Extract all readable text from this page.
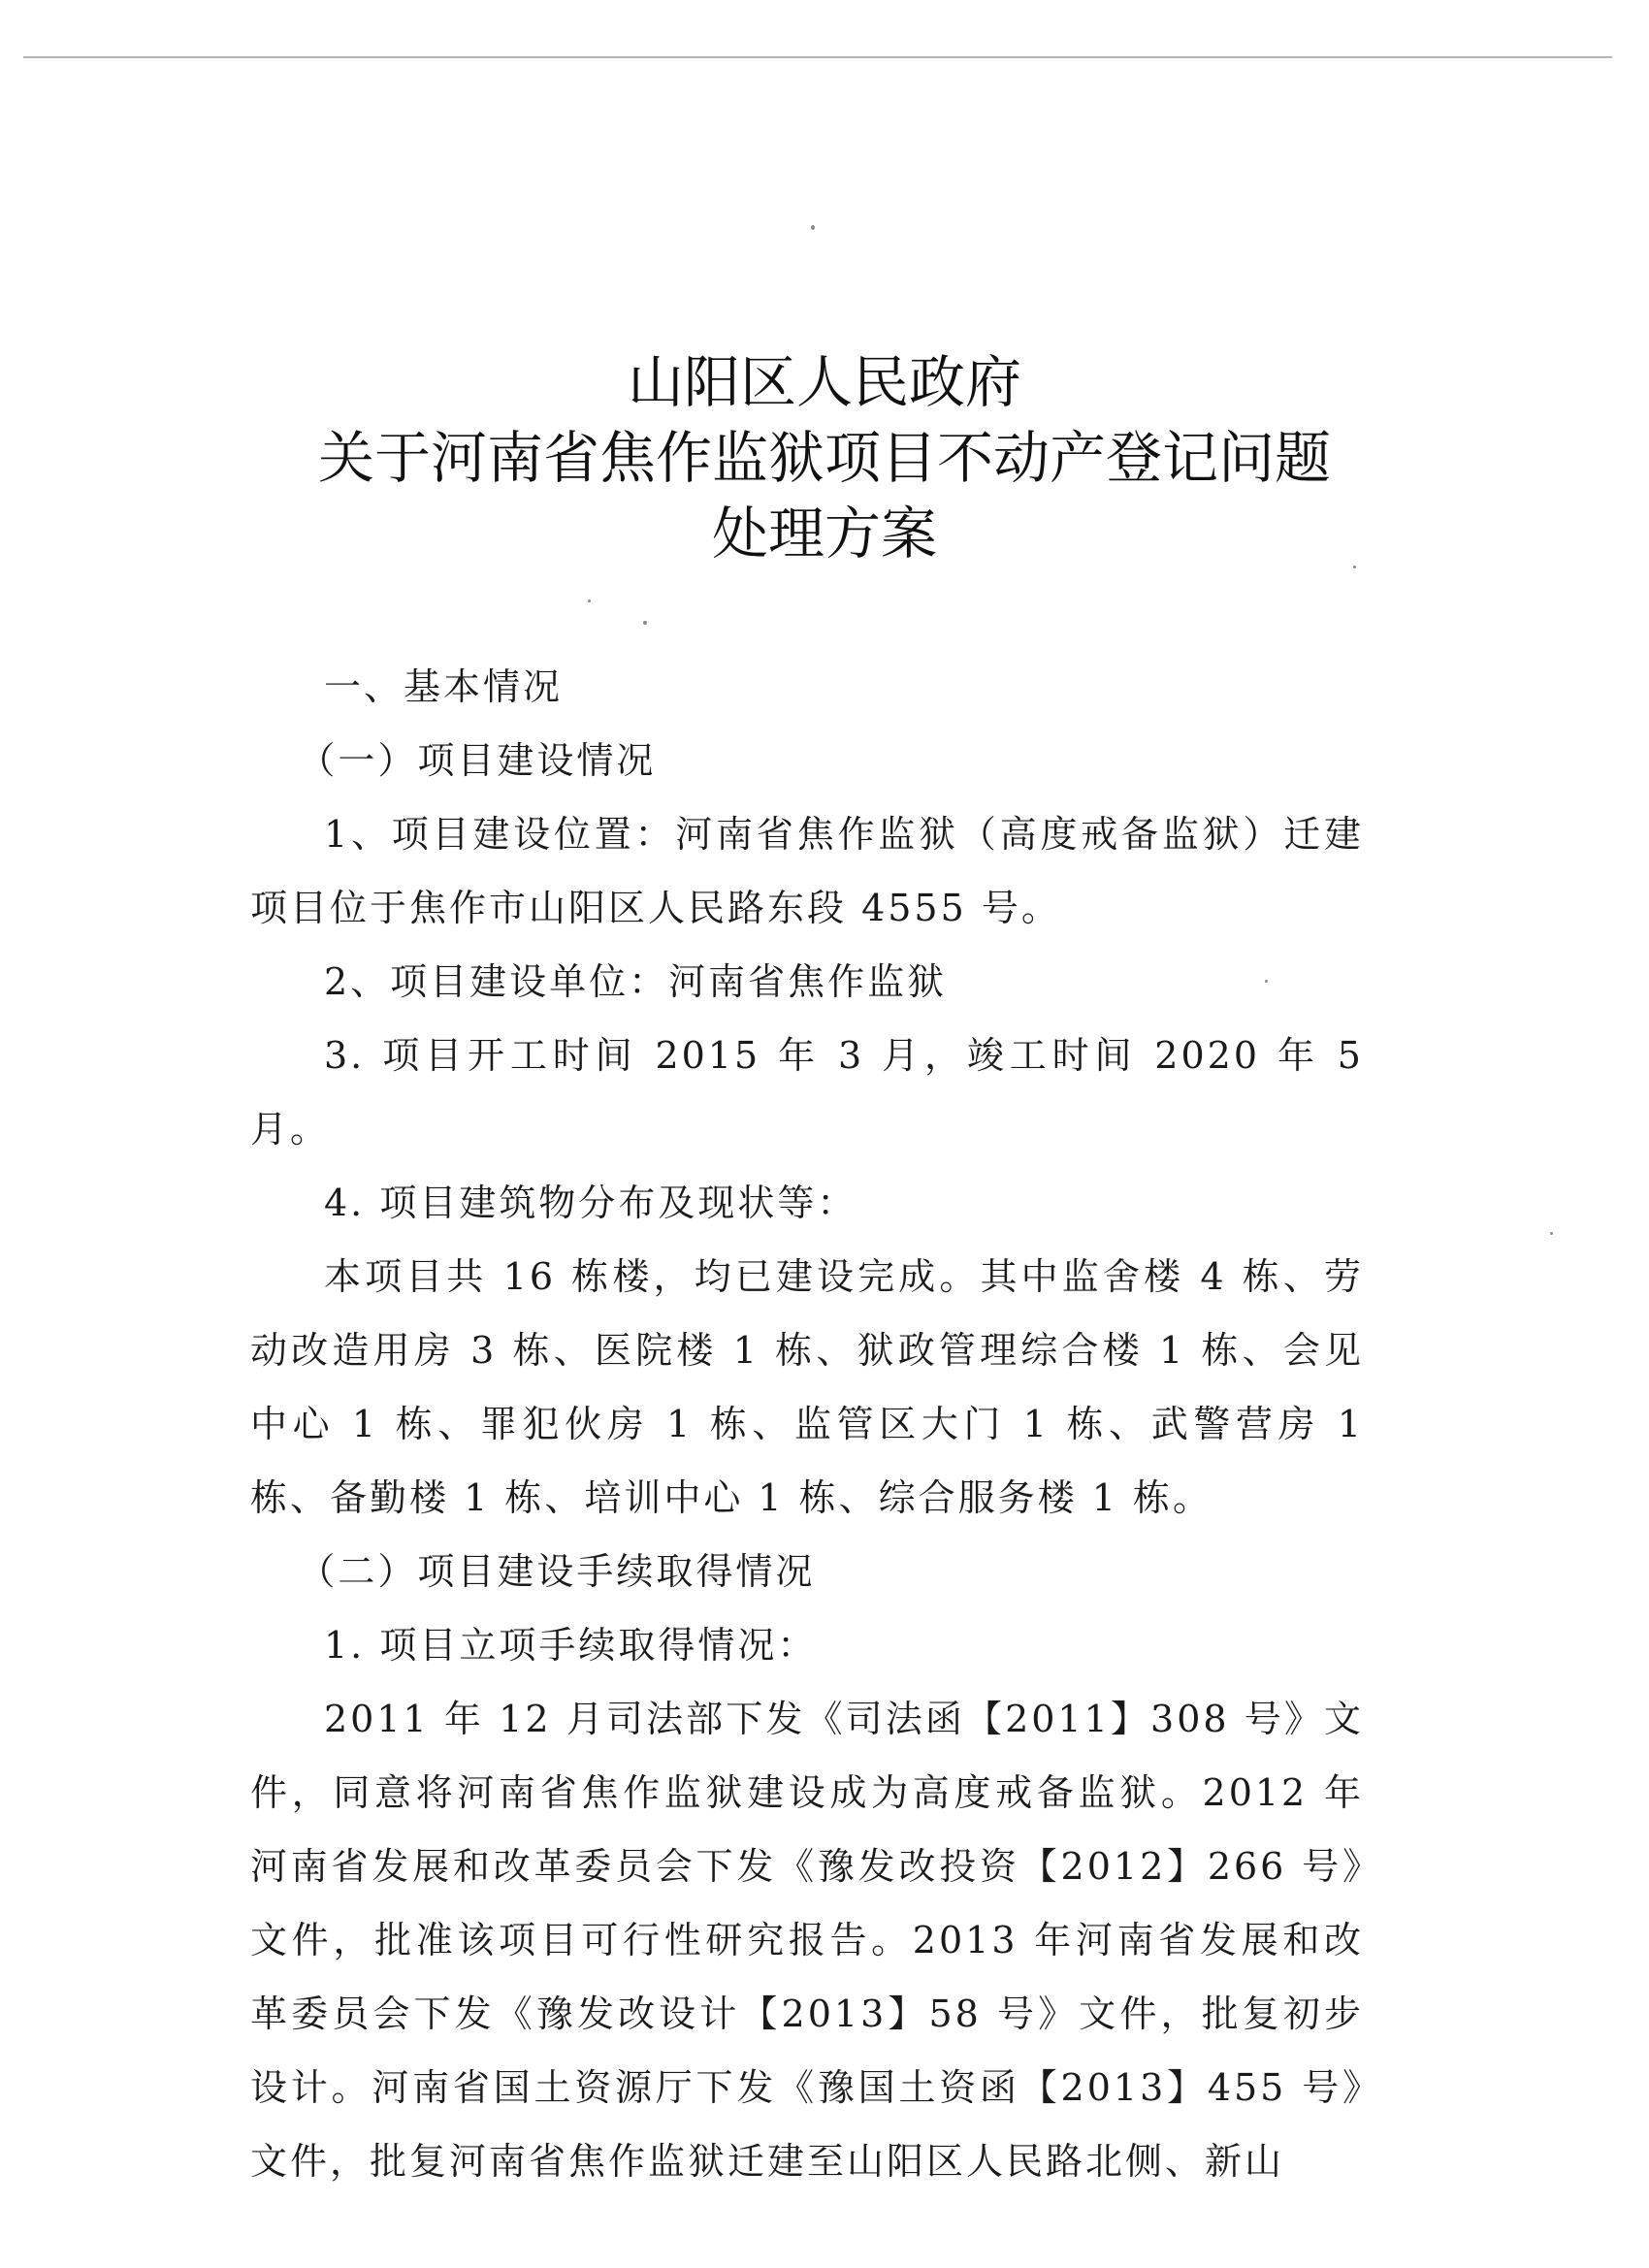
山阳区人民政府
关于河南省焦作监狱项目不动产登记问题
处理方案

一、基本情况

（一）项目建设情况

1、项目建设位置：河南省焦作监狱（高度戒备监狱）迁建项目位于焦作市山阳区人民路东段 4555 号。

2、项目建设单位：河南省焦作监狱

3. 项目开工时间 2015 年 3 月，竣工时间 2020 年 5 月。

4. 项目建筑物分布及现状等：

本项目共 16 栋楼，均已建设完成。其中监舍楼 4 栋、劳动改造用房 3 栋、医院楼 1 栋、狱政管理综合楼 1 栋、会见中心 1 栋、罪犯伙房 1 栋、监管区大门 1 栋、武警营房 1 栋、备勤楼 1 栋、培训中心 1 栋、综合服务楼 1 栋。

（二）项目建设手续取得情况

1. 项目立项手续取得情况：

2011 年 12 月司法部下发《司法函【2011】308 号》文件，同意将河南省焦作监狱建设成为高度戒备监狱。2012 年河南省发展和改革委员会下发《豫发改投资【2012】266 号》文件，批准该项目可行性研究报告。2013 年河南省发展和改革委员会下发《豫发改设计【2013】58 号》文件，批复初步设计。河南省国土资源厅下发《豫国土资函【2013】455 号》文件，批复河南省焦作监狱迁建至山阳区人民路北侧、新山
